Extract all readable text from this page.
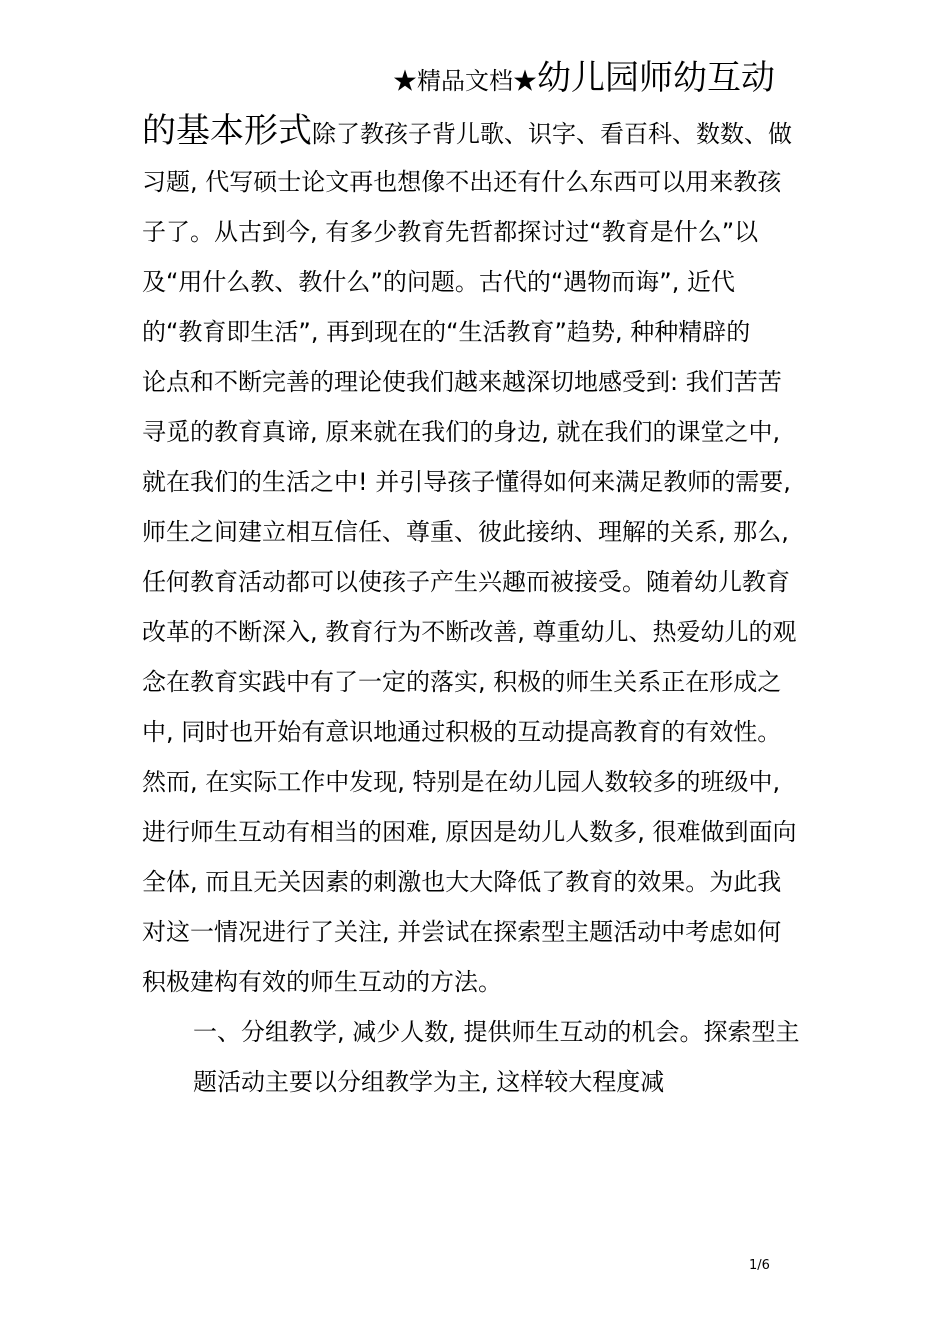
★精品文档★幼儿园师幼互动
的基本形式除了教孩子背儿歌、识字、看百科、数数、做
习题, 代写硕士论文再也想像不出还有什么东西可以用来教孩
子了。从古到今, 有多少教育先哲都探讨过“教育是什么”以
及“用什么教、教什么”的问题。古代的“遇物而诲”, 近代
的“教育即生活”, 再到现在的“生活教育”趋势, 种种精辟的
论点和不断完善的理论使我们越来越深切地感受到: 我们苦苦
寻觅的教育真谛, 原来就在我们的身边, 就在我们的课堂之中,
就在我们的生活之中! 并引导孩子懂得如何来满足教师的需要,
师生之间建立相互信任、尊重、彼此接纳、理解的关系, 那么,
任何教育活动都可以使孩子产生兴趣而被接受。随着幼儿教育
改革的不断深入, 教育行为不断改善, 尊重幼儿、热爱幼儿的观
念在教育实践中有了一定的落实, 积极的师生关系正在形成之
中, 同时也开始有意识地通过积极的互动提高教育的有效性。
然而, 在实际工作中发现, 特别是在幼儿园人数较多的班级中,
进行师生互动有相当的困难, 原因是幼儿人数多, 很难做到面向
全体, 而且无关因素的刺激也大大降低了教育的效果。为此我
对这一情况进行了关注, 并尝试在探索型主题活动中考虑如何
积极建构有效的师生互动的方法。
一、分组教学, 减少人数, 提供师生互动的机会。探索型主
题活动主要以分组教学为主, 这样较大程度减
1/6
